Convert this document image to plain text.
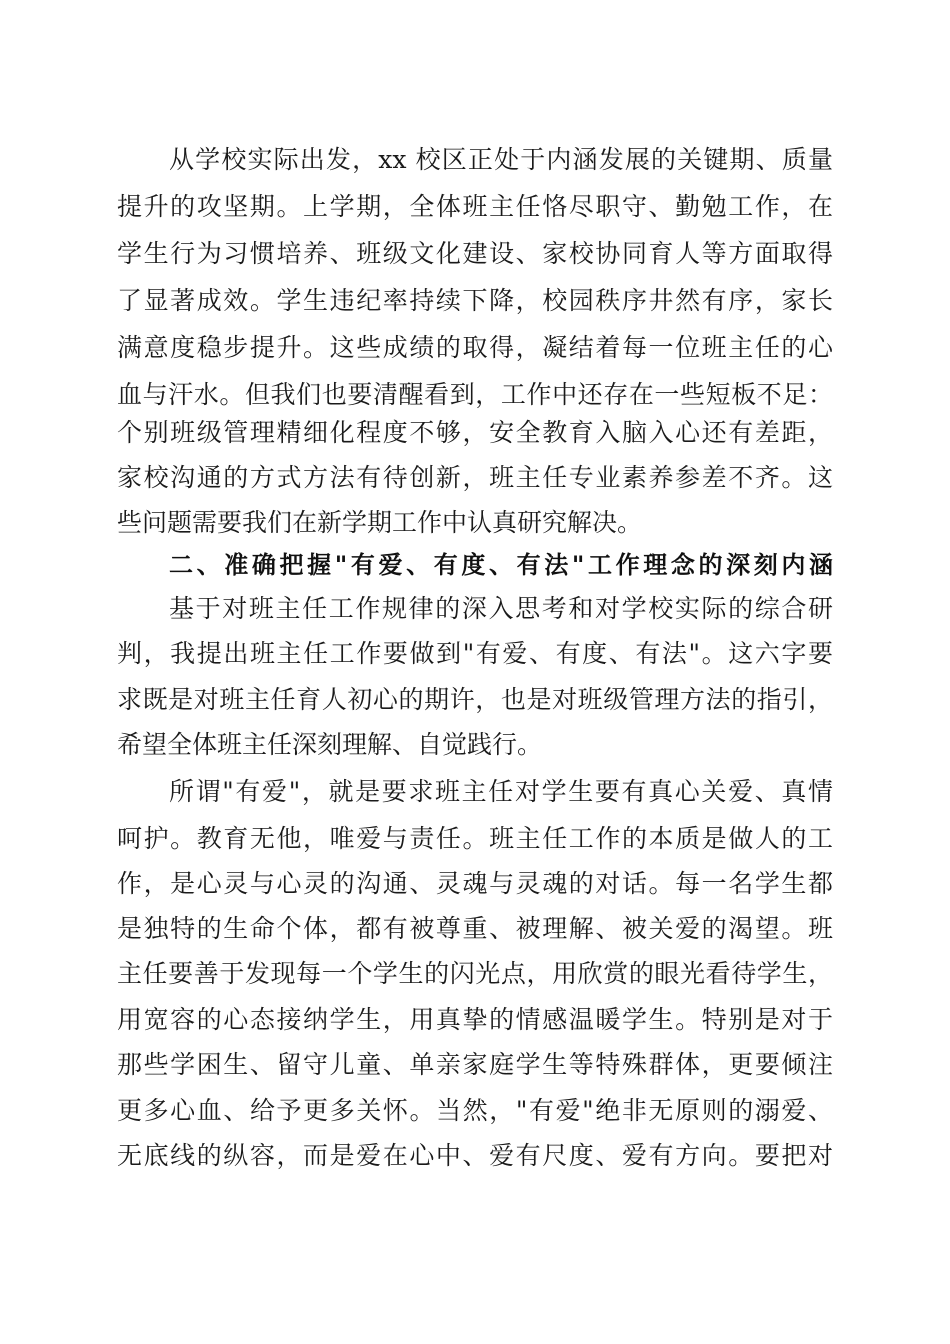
从学校实际出发，xx 校区正处于内涵发展的关键期、质量
提升的攻坚期。上学期，全体班主任恪尽职守、勤勉工作，在
学生行为习惯培养、班级文化建设、家校协同育人等方面取得
了显著成效。学生违纪率持续下降，校园秩序井然有序，家长
满意度稳步提升。这些成绩的取得，凝结着每一位班主任的心
血与汗水。但我们也要清醒看到，工作中还存在一些短板不足：
个别班级管理精细化程度不够，安全教育入脑入心还有差距，
家校沟通的方式方法有待创新，班主任专业素养参差不齐。这
些问题需要我们在新学期工作中认真研究解决。
二、准确把握"有爱、有度、有法"工作理念的深刻内涵
基于对班主任工作规律的深入思考和对学校实际的综合研
判，我提出班主任工作要做到"有爱、有度、有法"。这六字要
求既是对班主任育人初心的期许，也是对班级管理方法的指引，
希望全体班主任深刻理解、自觉践行。
所谓"有爱"，就是要求班主任对学生要有真心关爱、真情
呵护。教育无他，唯爱与责任。班主任工作的本质是做人的工
作，是心灵与心灵的沟通、灵魂与灵魂的对话。每一名学生都
是独特的生命个体，都有被尊重、被理解、被关爱的渴望。班
主任要善于发现每一个学生的闪光点，用欣赏的眼光看待学生，
用宽容的心态接纳学生，用真挚的情感温暖学生。特别是对于
那些学困生、留守儿童、单亲家庭学生等特殊群体，更要倾注
更多心血、给予更多关怀。当然，"有爱"绝非无原则的溺爱、
无底线的纵容，而是爱在心中、爱有尺度、爱有方向。要把对
